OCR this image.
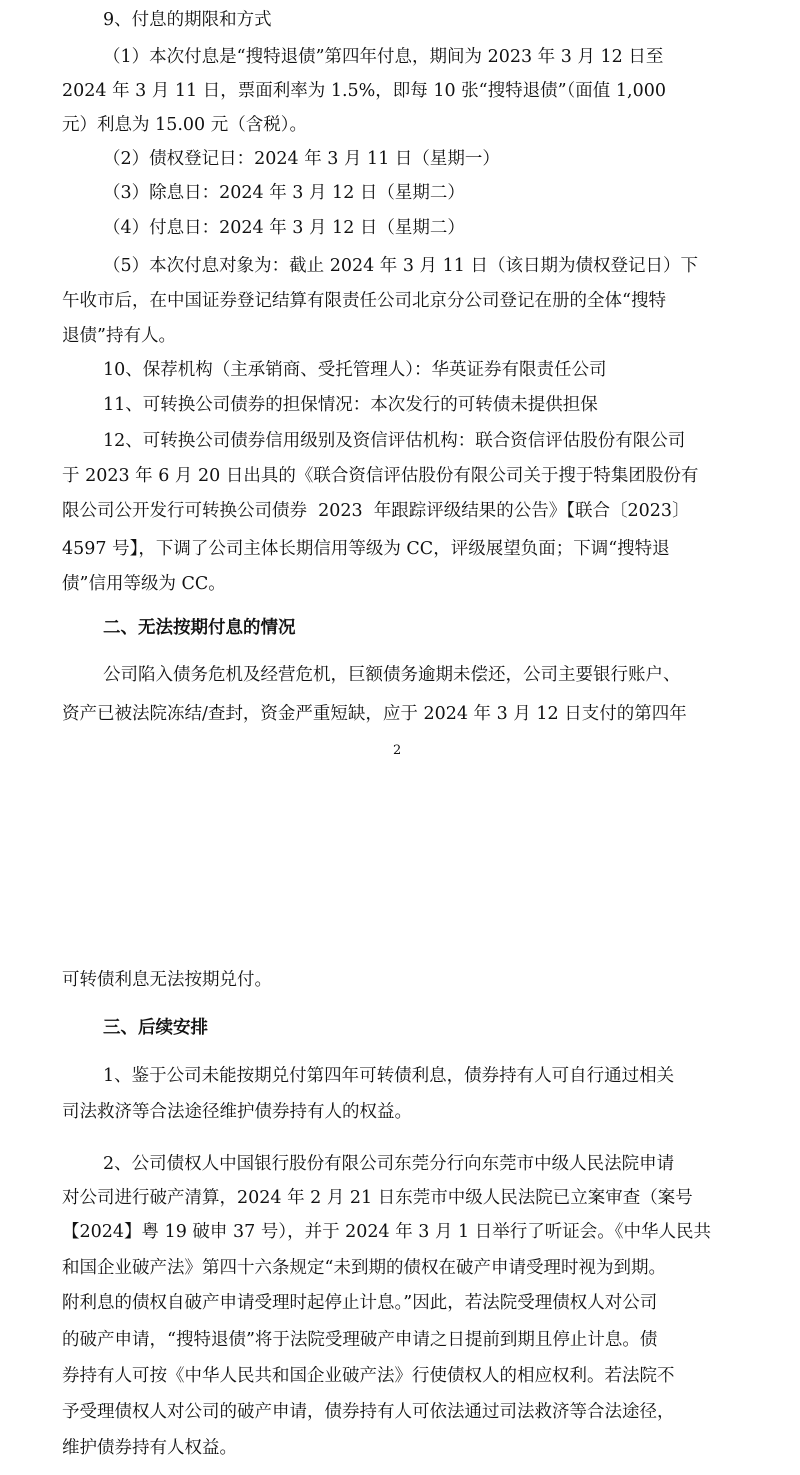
9、付息的期限和方式

（1）本次付息是“搜特退债”第四年付息，期间为 2023 年 3 月 12 日至

2024 年 3 月 11 日，票面利率为 1.5%，即每 10 张“搜特退债”（面值 1,000

元）利息为 15.00 元（含税）。

（2）债权登记日：2024 年 3 月 11 日（星期一）

（3）除息日：2024 年 3 月 12 日（星期二）

（4）付息日：2024 年 3 月 12 日（星期二）

（5）本次付息对象为：截止 2024 年 3 月 11 日（该日期为债权登记日）下

午收市后，在中国证券登记结算有限责任公司北京分公司登记在册的全体“搜特

退债”持有人。

10、保荐机构（主承销商、受托管理人）：华英证券有限责任公司

11、可转换公司债券的担保情况：本次发行的可转债未提供担保

12、可转换公司债券信用级别及资信评估机构：联合资信评估股份有限公司

于 2023 年 6 月 20 日出具的《联合资信评估股份有限公司关于搜于特集团股份有

限公司公开发行可转换公司债券  2023  年跟踪评级结果的公告》【联合〔2023〕

4597 号】，下调了公司主体长期信用等级为 CC，评级展望负面；下调“搜特退

债”信用等级为 CC。

二、无法按期付息的情况

公司陷入债务危机及经营危机，巨额债务逾期未偿还，公司主要银行账户、

资产已被法院冻结/查封，资金严重短缺，应于 2024 年 3 月 12 日支付的第四年

2

可转债利息无法按期兑付。

三、后续安排

1、鉴于公司未能按期兑付第四年可转债利息，债券持有人可自行通过相关

司法救济等合法途径维护债券持有人的权益。

2、公司债权人中国银行股份有限公司东莞分行向东莞市中级人民法院申请

对公司进行破产清算，2024 年 2 月 21 日东莞市中级人民法院已立案审查（案号

【2024】粤 19 破申 37 号），并于 2024 年 3 月 1 日举行了听证会。《中华人民共

和国企业破产法》第四十六条规定“未到期的债权在破产申请受理时视为到期。

附利息的债权自破产申请受理时起停止计息。”因此，若法院受理债权人对公司

的破产申请，“搜特退债”将于法院受理破产申请之日提前到期且停止计息。债

券持有人可按《中华人民共和国企业破产法》行使债权人的相应权利。若法院不

予受理债权人对公司的破产申请，债券持有人可依法通过司法救济等合法途径，

维护债券持有人权益。
